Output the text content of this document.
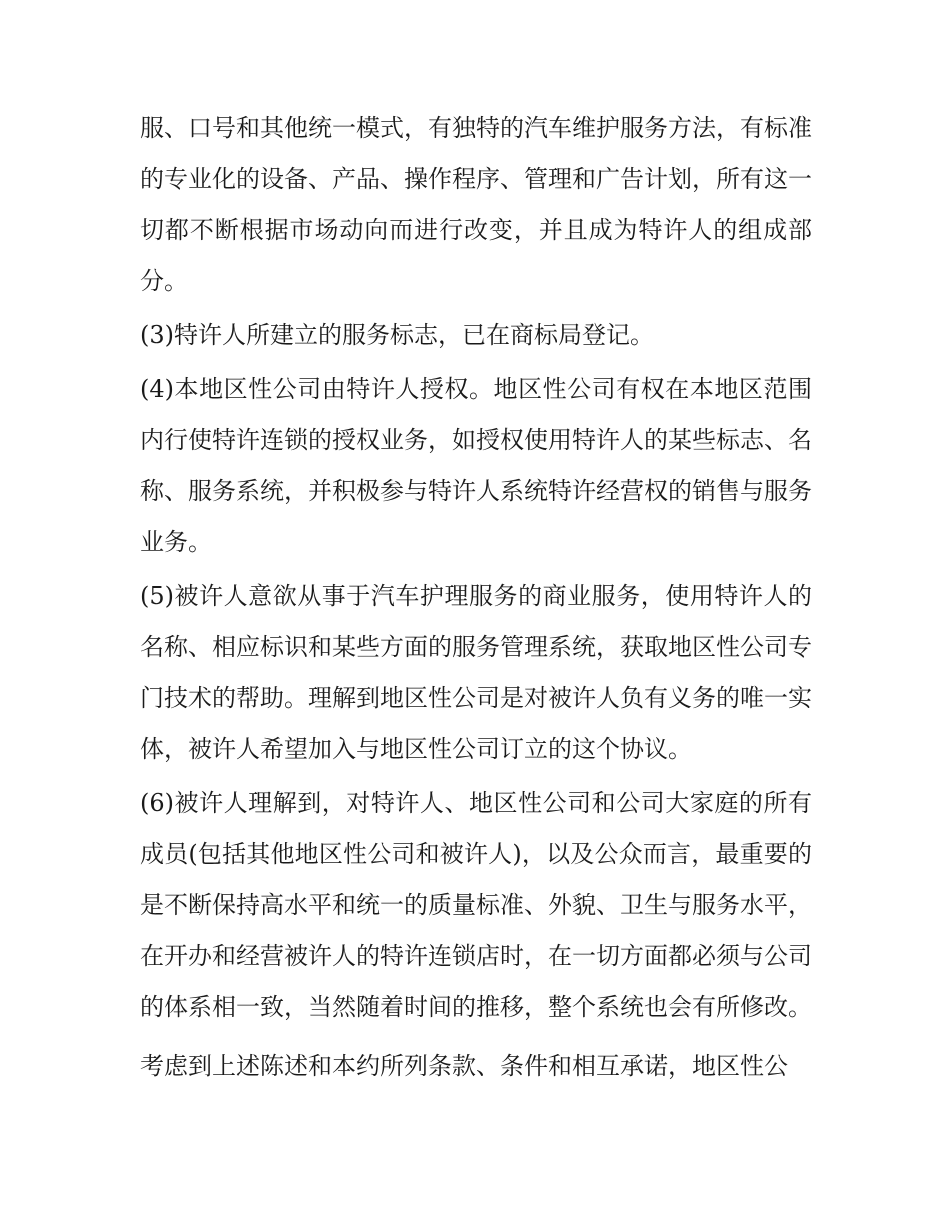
服、口号和其他统一模式，有独特的汽车维护服务方法，有标准的专业化的设备、产品、操作程序、管理和广告计划，所有这一切都不断根据市场动向而进行改变，并且成为特许人的组成部分。

(3)特许人所建立的服务标志，已在商标局登记。

(4)本地区性公司由特许人授权。地区性公司有权在本地区范围内行使特许连锁的授权业务，如授权使用特许人的某些标志、名称、服务系统，并积极参与特许人系统特许经营权的销售与服务业务。

(5)被许人意欲从事于汽车护理服务的商业服务，使用特许人的名称、相应标识和某些方面的服务管理系统，获取地区性公司专门技术的帮助。理解到地区性公司是对被许人负有义务的唯一实体，被许人希望加入与地区性公司订立的这个协议。

(6)被许人理解到，对特许人、地区性公司和公司大家庭的所有成员(包括其他地区性公司和被许人)，以及公众而言，最重要的是不断保持高水平和统一的质量标准、外貌、卫生与服务水平，在开办和经营被许人的特许连锁店时，在一切方面都必须与公司的体系相一致，当然随着时间的推移，整个系统也会有所修改。

考虑到上述陈述和本约所列条款、条件和相互承诺，地区性公
